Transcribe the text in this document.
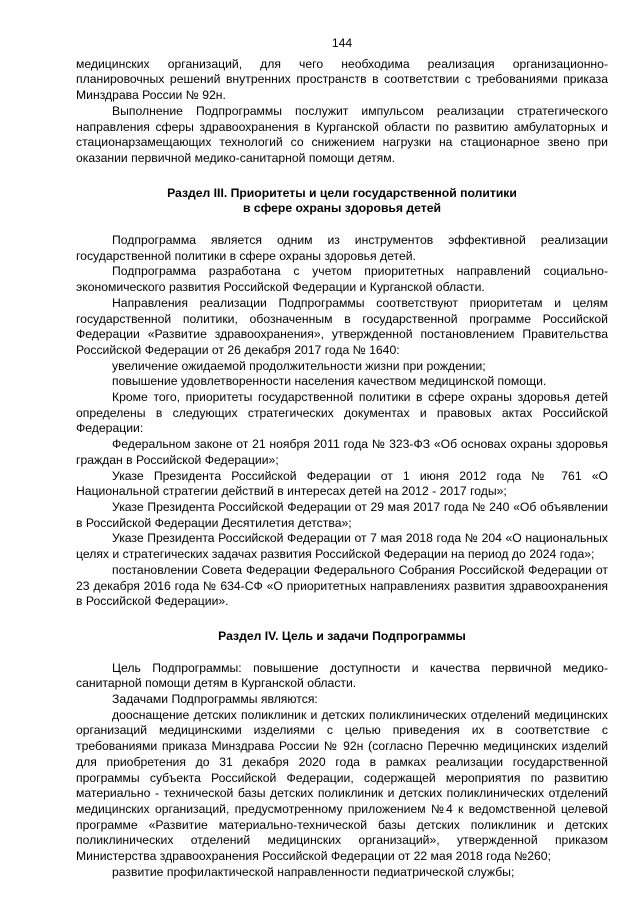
144

медицинских организаций, для чего необходима реализация организационно-планировочных решений внутренних пространств в соответствии с требованиями приказа Минздрава России № 92н.

Выполнение Подпрограммы послужит импульсом реализации стратегического направления сферы здравоохранения в Курганской области по развитию амбулаторных и стационарзамещающих технологий со снижением нагрузки на стационарное звено при оказании первичной медико-санитарной помощи детям.

Раздел III. Приоритеты и цели государственной политики
в сфере охраны здоровья детей

Подпрограмма является одним из инструментов эффективной реализации государственной политики в сфере охраны здоровья детей.

Подпрограмма разработана с учетом приоритетных направлений социально-экономического развития Российской Федерации и Курганской области.

Направления реализации Подпрограммы соответствуют приоритетам и целям государственной политики, обозначенным в государственной программе Российской Федерации «Развитие здравоохранения», утвержденной постановлением Правительства Российской Федерации от 26 декабря 2017 года № 1640:

увеличение ожидаемой продолжительности жизни при рождении;

повышение удовлетворенности населения качеством медицинской помощи.

Кроме того, приоритеты государственной политики в сфере охраны здоровья детей определены в следующих стратегических документах и правовых актах Российской Федерации:

Федеральном законе от 21 ноября 2011 года № 323-ФЗ «Об основах охраны здоровья граждан в Российской Федерации»;

Указе Президента Российской Федерации от 1 июня 2012 года № 761 «О Национальной стратегии действий в интересах детей на 2012 - 2017 годы»;

Указе Президента Российской Федерации от 29 мая 2017 года № 240 «Об объявлении в Российской Федерации Десятилетия детства»;

Указе Президента Российской Федерации от 7 мая 2018 года № 204 «О национальных целях и стратегических задачах развития Российской Федерации на период до 2024 года»;

постановлении Совета Федерации Федерального Собрания Российской Федерации от 23 декабря 2016 года № 634-СФ «О приоритетных направлениях развития здравоохранения в Российской Федерации».

Раздел IV. Цель и задачи Подпрограммы

Цель Подпрограммы: повышение доступности и качества первичной медико-санитарной помощи детям в Курганской области.

Задачами Подпрограммы являются:

дооснащение детских поликлиник и детских поликлинических отделений медицинских организаций медицинскими изделиями с целью приведения их в соответствие с требованиями приказа Минздрава России № 92н (согласно Перечню медицинских изделий для приобретения до 31 декабря 2020 года в рамках реализации государственной программы субъекта Российской Федерации, содержащей мероприятия по развитию материально - технической базы детских поликлиник и детских поликлинических отделений медицинских организаций, предусмотренному приложением №4 к ведомственной целевой программе «Развитие материально-технической базы детских поликлиник и детских поликлинических отделений медицинских организаций», утвержденной приказом Министерства здравоохранения Российской Федерации от 22 мая 2018 года №260;

развитие профилактической направленности педиатрической службы;
